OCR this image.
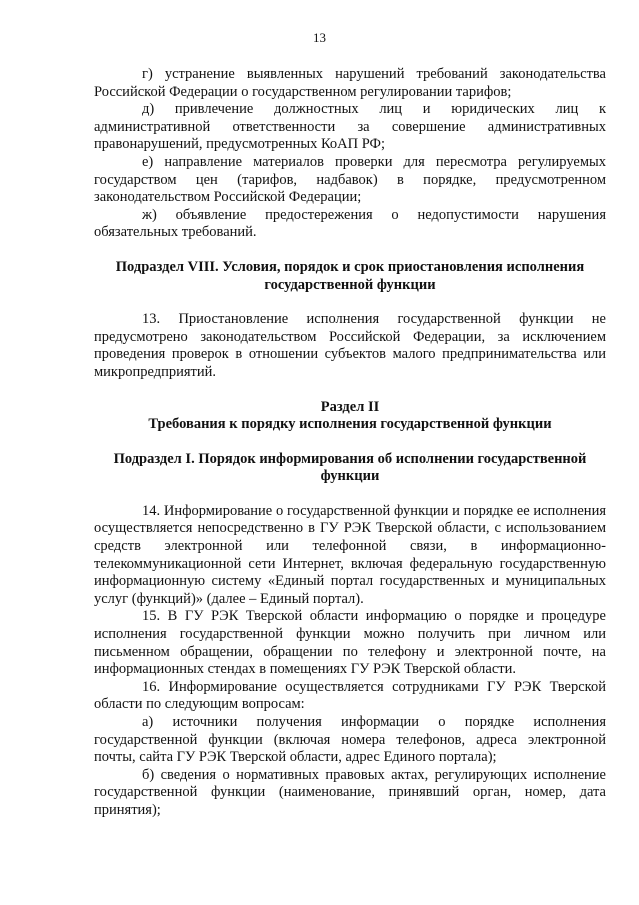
13

г) устранение выявленных нарушений требований законодательства Российской Федерации о государственном регулировании тарифов;

д) привлечение должностных лиц и юридических лиц к административной ответственности за совершение административных правонарушений, предусмотренных КоАП РФ;

е) направление материалов проверки для пересмотра регулируемых государством цен (тарифов, надбавок) в порядке, предусмотренном законодательством Российской Федерации;

ж) объявление предостережения о недопустимости нарушения обязательных требований.

Подраздел VIII. Условия, порядок и срок приостановления исполнения государственной функции

13. Приостановление исполнения государственной функции не предусмотрено законодательством Российской Федерации, за исключением проведения проверок в отношении субъектов малого предпринимательства или микропредприятий.

Раздел II

Требования к порядку исполнения государственной функции

Подраздел I. Порядок информирования об исполнении государственной функции

14. Информирование о государственной функции и порядке ее исполнения осуществляется непосредственно в ГУ РЭК Тверской области, с использованием средств электронной или телефонной связи, в информационно-телекоммуникационной сети Интернет, включая федеральную государственную информационную систему «Единый портал государственных и муниципальных услуг (функций)» (далее – Единый портал).

15. В ГУ РЭК Тверской области информацию о порядке и процедуре исполнения государственной функции можно получить при личном или письменном обращении, обращении по телефону и электронной почте, на информационных стендах в помещениях ГУ РЭК Тверской области.

16. Информирование осуществляется сотрудниками ГУ РЭК Тверской области по следующим вопросам:

а) источники получения информации о порядке исполнения государственной функции (включая номера телефонов, адреса электронной почты, сайта ГУ РЭК Тверской области, адрес Единого портала);

б) сведения о нормативных правовых актах, регулирующих исполнение государственной функции (наименование, принявший орган, номер, дата принятия);
